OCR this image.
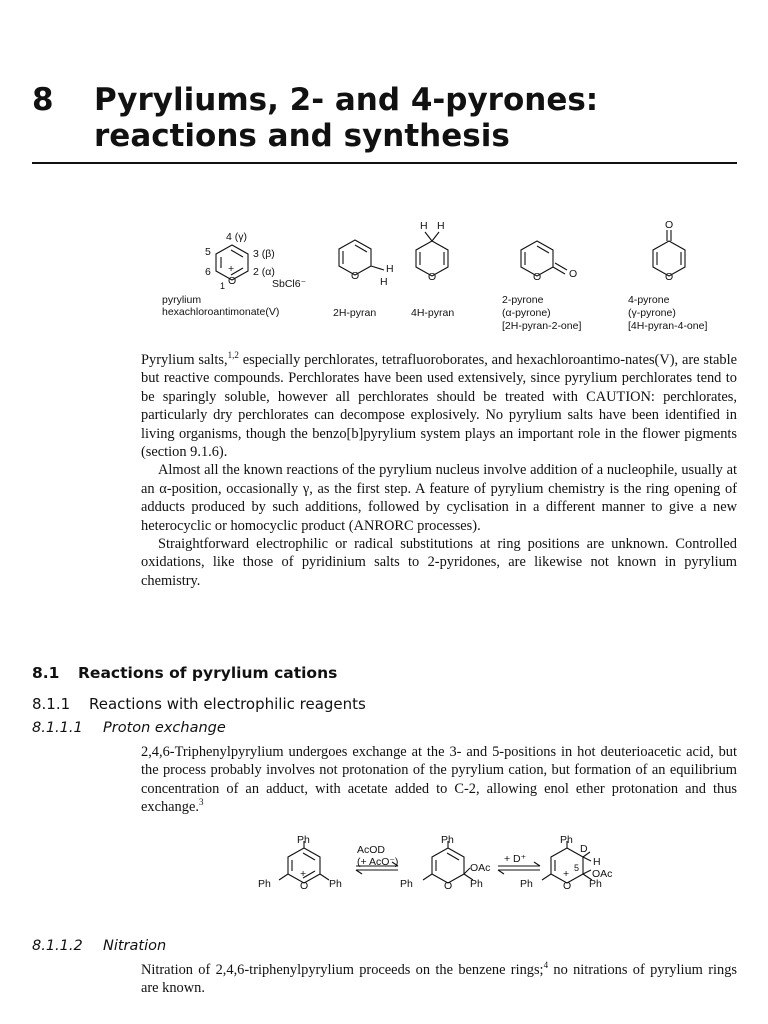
8 Pyryliums, 2- and 4-pyrones: reactions and synthesis
4 (γ)
3 (β)
2 (α)
5
6
1 O
+
SbCl6⁻
pyrylium
hexachloroantimonate(V)
O
H
H
2H-pyran
H H
O
4H-pyran
O	O
2-pyrone
(α-pyrone)
[2H-pyran-2-one]
O
O
4-pyrone
(γ-pyrone)
[4H-pyran-4-one]

Pyrylium salts,$^{1,2}$ especially perchlorates, tetrafluoroborates, and hexachloroantimo-nates(V), are stable but reactive compounds. Perchlorates have been used extensively, since pyrylium perchlorates tend to be sparingly soluble, however all perchlorates should be treated with CAUTION: perchlorates, particularly dry perchlorates can decompose explosively. No pyrylium salts have been identified in living organisms, though the benzo[b]pyrylium system plays an important role in the flower pigments (section 9.1.6).

Almost all the known reactions of the pyrylium nucleus involve addition of a nucleophile, usually at an α-position, occasionally γ, as the first step. A feature of pyrylium chemistry is the ring opening of adducts produced by such additions, followed by cyclisation in a different manner to give a new heterocyclic or homocyclic product (ANRORC processes).

Straightforward electrophilic or radical substitutions at ring positions are unknown. Controlled oxidations, like those of pyridinium salts to 2-pyridones, are likewise not known in pyrylium chemistry.

8.1 Reactions of pyrylium cations
8.1.1 Reactions with electrophilic reagents
8.1.1.1 Proton exchange

2,4,6-Triphenylpyrylium undergoes exchange at the 3- and 5-positions in hot deuterioacetic acid, but the process probably involves not protonation of the pyrylium cation, but formation of an equilibrium concentration of an adduct, with acetate added to C-2, allowing enol ether protonation and thus exchange.$^3$

Ph
Ph	Ph
O
+
AcOD
(+ AcO⁻)
Ph
Ph	Ph
O
OAc
+ D⁺
Ph
Ph	Ph
O
+
D
H
5 OAc
8.1.1.2 Nitration

Nitration of 2,4,6-triphenylpyrylium proceeds on the benzene rings;$^4$ no nitrations of pyrylium rings are known.
